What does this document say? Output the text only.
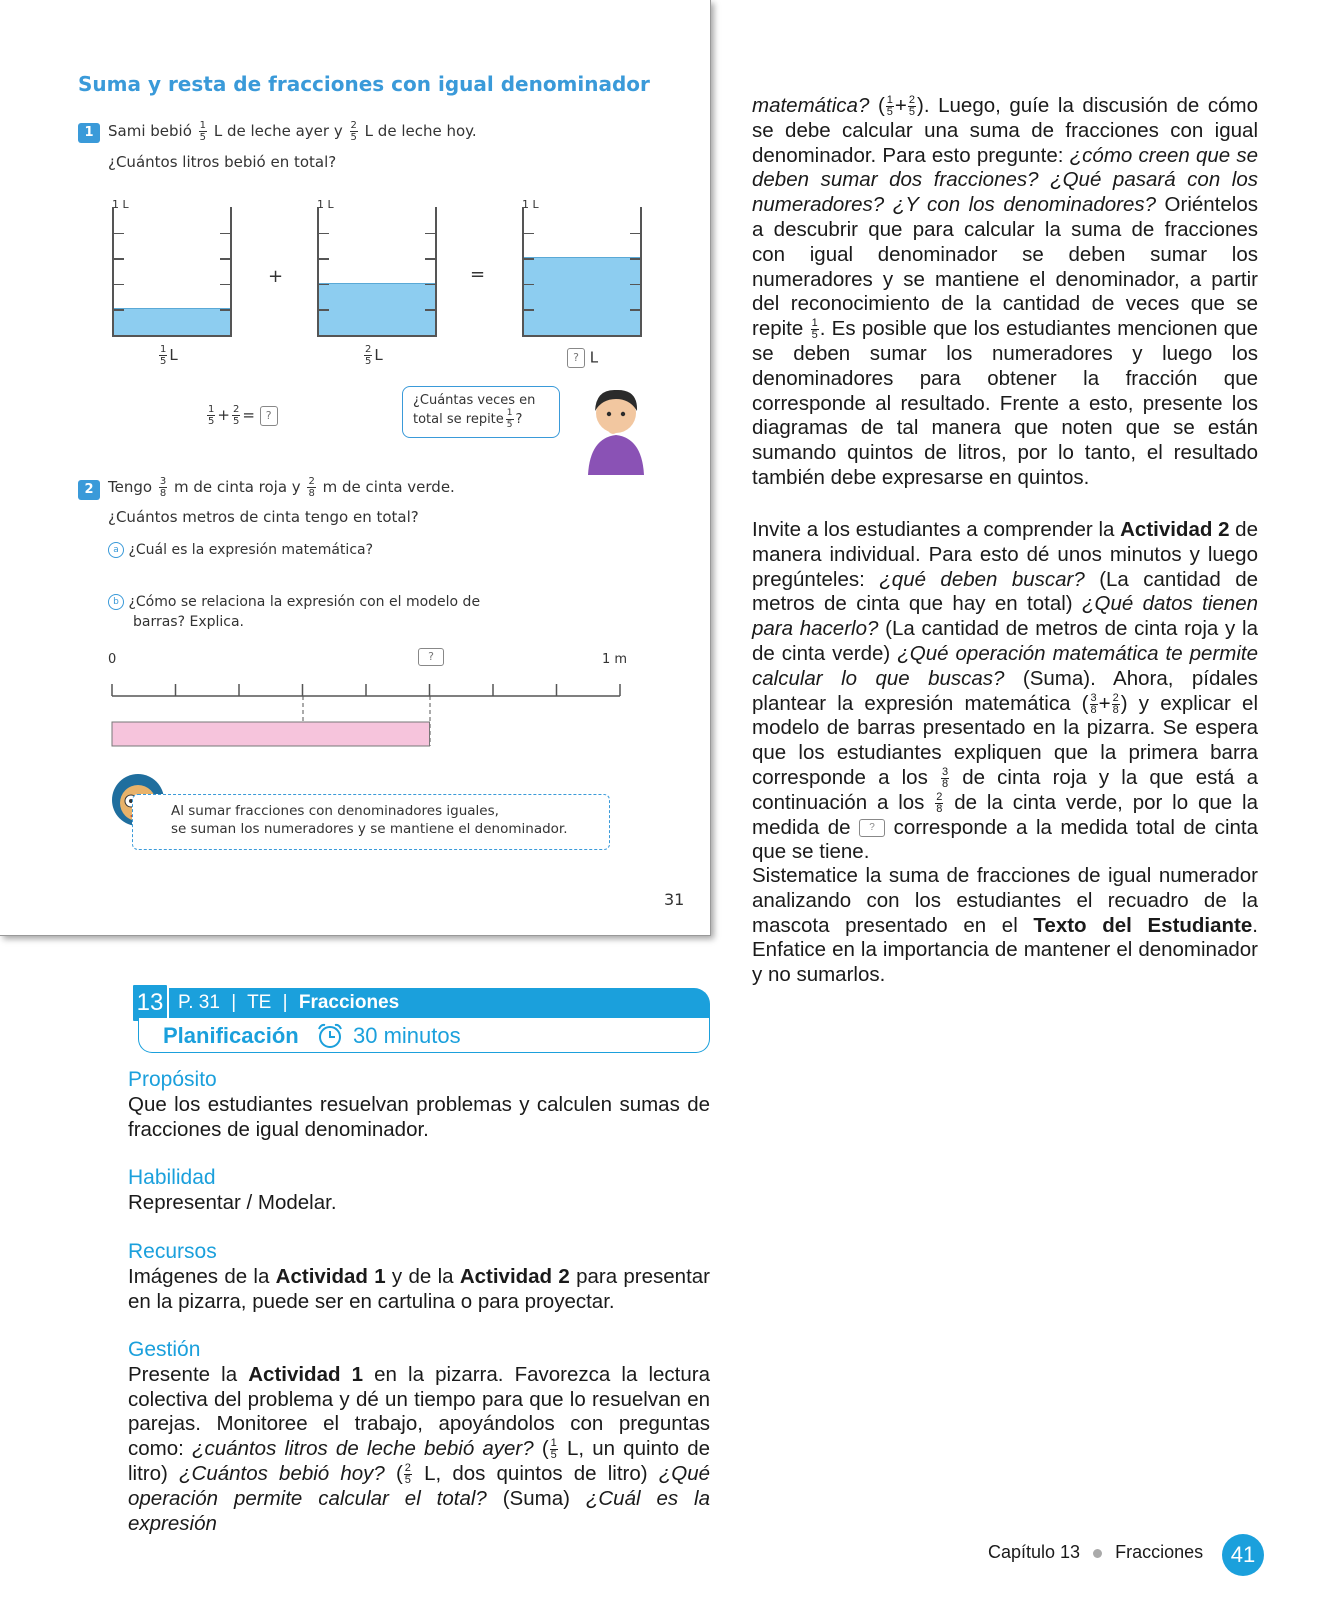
Suma y resta de fracciones con igual denominador
1 Sami bebió $\frac{1}{5}$ L de leche ayer y $\frac{2}{5}$ L de leche hoy.
¿Cuántos litros bebió en total?
1 L
+
1 L
=
1 L
$\frac{1}{5}$ L	$\frac{2}{5}$ L	? L
$\frac{1}{5} + \frac{2}{5}$ = ?
¿Cuántas veces en
total se repite $\frac{1}{5}$ ?
2 Tengo $\frac{3}{8}$ m de cinta roja y $\frac{2}{8}$ m de cinta verde.
¿Cuántos metros de cinta tengo en total?
a ¿Cuál es la expresión matemática?
b ¿Cómo se relaciona la expresión con el modelo de
barras? Explica.
0	?	1 m
Al sumar fracciones con denominadores iguales,
se suman los numeradores y se mantiene el denominador.
31
P. 31 | TE | Fracciones
13
Planificación 30 minutos
Propósito
Que los estudiantes resuelvan problemas y calculen sumas de fracciones de igual denominador.
Habilidad
Representar / Modelar.
Recursos
Imágenes de la Actividad 1 y de la Actividad 2 para presentar en la pizarra, puede ser en cartulina o para proyectar.
Gestión
Presente la Actividad 1 en la pizarra. Favorezca la lectura colectiva del problema y dé un tiempo para que lo resuelvan en parejas. Monitoree el trabajo, apoyándolos con preguntas como: ¿cuántos litros de leche bebió ayer? ( $\frac{1}{5} L$, un quinto de litro) ¿Cuántos bebió hoy? ( $\frac{2}{5} L$, dos quintos de litro) ¿Qué operación permite calcular el total? (Suma) ¿Cuál es la expresión
matemática? ( $\frac{1}{5} + \frac{2}{5}$ ). Luego, guíe la discusión de cómo se debe calcular una suma de fracciones con igual denominador. Para esto pregunte: ¿cómo creen que se deben sumar dos fracciones? ¿Qué pasará con los numeradores? ¿Y con los denominadores? Oriéntelos a descubrir que para calcular la suma de fracciones con igual denominador se deben sumar los numeradores y se mantiene el denominador, a partir del reconocimiento de la cantidad de veces que se repite $\frac{1}{5}$ . Es posible que los estudiantes mencionen que se deben sumar los numeradores y luego los denominadores para obtener la fracción que corresponde al resultado. Frente a esto, presente los diagramas de tal manera que noten que se están sumando quintos de litros, por lo tanto, el resultado también debe expresarse en quintos.
Invite a los estudiantes a comprender la Actividad 2 de manera individual. Para esto dé unos minutos y luego pregúnteles: ¿qué deben buscar? (La cantidad de metros de cinta que hay en total) ¿Qué datos tienen para hacerlo? (La cantidad de metros de cinta roja y la de cinta verde) ¿Qué operación matemática te permite calcular lo que buscas? (Suma). Ahora, pídales plantear la expresión matemática ( $\frac{3}{8} + \frac{2}{8}$ ) y explicar el modelo de barras presentado en la pizarra. Se espera que los estudiantes expliquen que la primera barra corresponde a los $\frac{3}{8}$ de cinta roja y la que está a continuación a los $\frac{2}{8}$ de la cinta verde, por lo que la medida de ? corresponde a la medida total de cinta que se tiene.
Sistematice la suma de fracciones de igual numerador analizando con los estudiantes el recuadro de la mascota presentado en el Texto del Estudiante. Enfatice en la importancia de mantener el denominador y no sumarlos.
Capítulo 13 Fracciones	41
